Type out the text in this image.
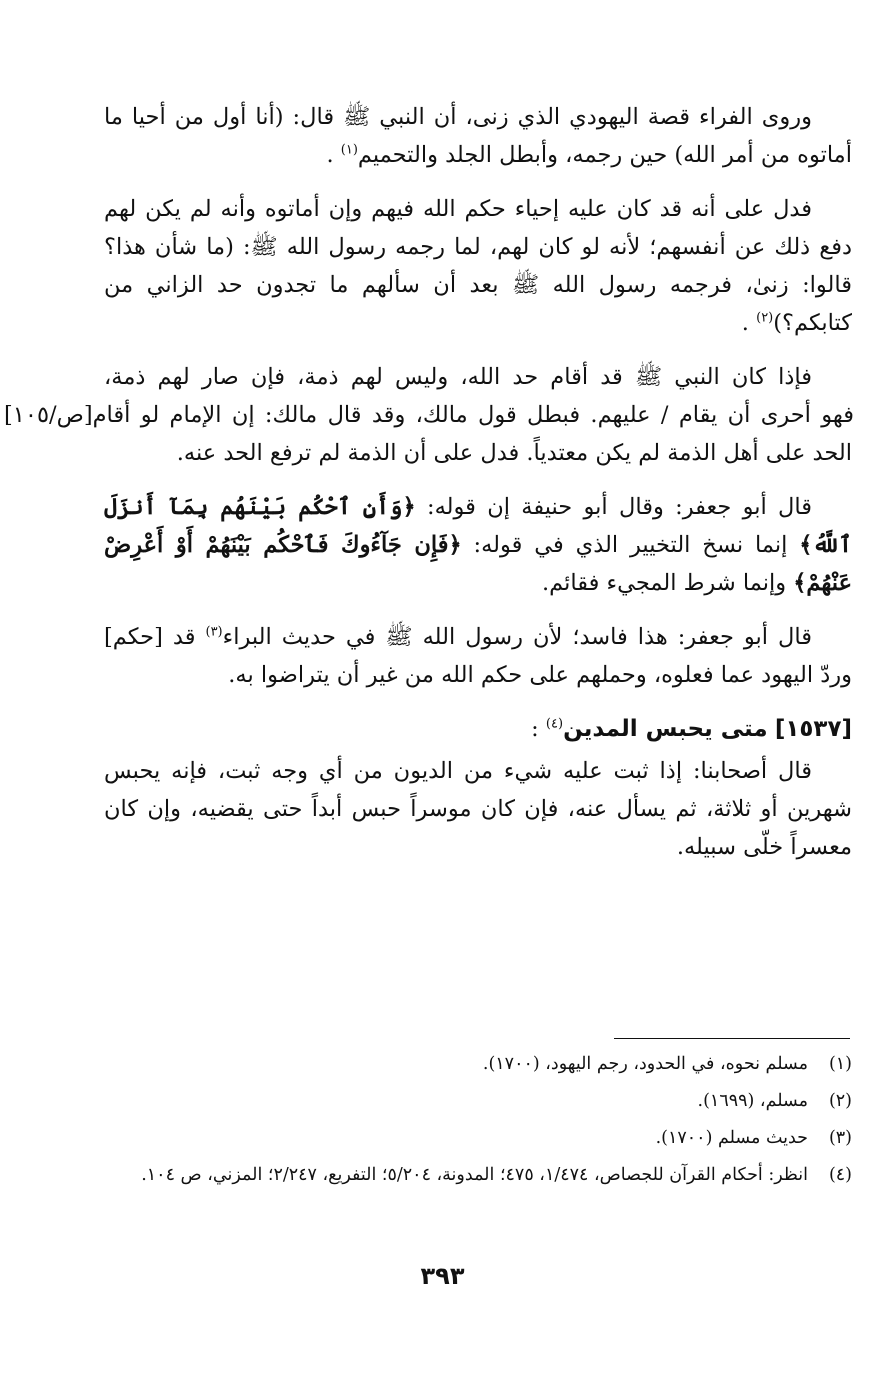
وروى الفراء قصة اليهودي الذي زنى، أن النبي ﷺ قال: (أنا أول من أحيا ما أماتوه من أمر الله) حين رجمه، وأبطل الجلد والتحميم$^{(١)}$ .

فدل على أنه قد كان عليه إحياء حكم الله فيهم وإن أماتوه وأنه لم يكن لهم دفع ذلك عن أنفسهم؛ لأنه لو كان لهم، لما رجمه رسول الله ﷺ: (ما شأن هذا؟ قالوا: زنىٰ، فرجمه رسول الله ﷺ بعد أن سألهم ما تجدون حد الزاني من كتابكم؟)$^{(٢)}$ .

فإذا كان النبي ﷺ قد أقام حد الله، وليس لهم ذمة، فإن صار لهم ذمة،
فهو أحرى أن يقام / عليهم. فبطل قول مالك، وقد قال مالك: إن الإمام لو أقام[ص/١٠٥]
الحد على أهل الذمة لم يكن معتدياً. فدل على أن الذمة لم ترفع الحد عنه.

قال أبو جعفر: وقال أبو حنيفة إن قوله: ﴿وَأَنِ ٱحْكُم بَيْنَهُم بِمَآ أَنزَلَ ٱللَّهُ﴾ إنما نسخ التخيير الذي في قوله: ﴿فَإِن جَآءُوكَ فَٱحْكُم بَيْنَهُمْ أَوْ أَعْرِضْ عَنْهُمْ﴾ وإنما شرط المجيء فقائم.

قال أبو جعفر: هذا فاسد؛ لأن رسول الله ﷺ في حديث البراء$^{(٣)}$ قد [حكم] وردّ اليهود عما فعلوه، وحملهم على حكم الله من غير أن يتراضوا به.

[١٥٣٧] متى يحبس المدين$^{(٤)}$ :

قال أصحابنا: إذا ثبت عليه شيء من الديون من أي وجه ثبت، فإنه يحبس شهرين أو ثلاثة، ثم يسأل عنه، فإن كان موسراً حبس أبداً حتى يقضيه، وإن كان معسراً خلّى سبيله.

(١)
مسلم نحوه، في الحدود، رجم اليهود، (١٧٠٠).
(٢)
مسلم، (١٦٩٩).
(٣)
حديث مسلم (١٧٠٠).
(٤)
انظر: أحكام القرآن للجصاص، ١/٤٧٤، ٤٧٥؛ المدونة، ٥/٢٠٤؛ التفريع، ٢/٢٤٧؛ المزني، ص ١٠٤.
٣٩٣
